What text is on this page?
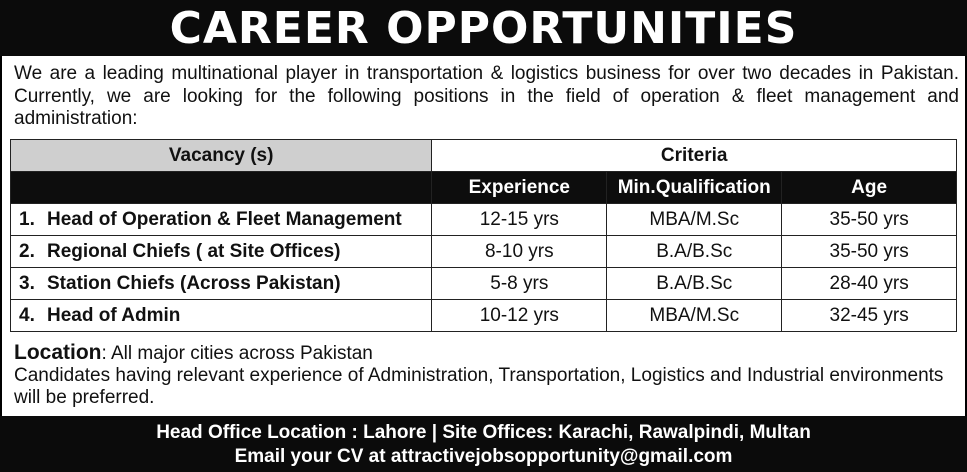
CAREER OPPORTUNITIES
We are a leading multinational player in transportation & logistics business for over two decades in Pakistan. Currently, we are looking for the following positions in the field of operation & fleet management and administration:
Vacancy (s)	Criteria		
	Experience	Min.Qualification	Age
1. Head of Operation & Fleet Management	12-15 yrs	MBA/M.Sc	35-50 yrs
2. Regional Chiefs ( at Site Offices)	8-10 yrs	B.A/B.Sc	35-50 yrs
3. Station Chiefs (Across Pakistan)	5-8 yrs	B.A/B.Sc	28-40 yrs
4. Head of Admin	10-12 yrs	MBA/M.Sc	32-45 yrs
Location: All major cities across Pakistan
Candidates having relevant experience of Administration, Transportation, Logistics and Industrial environments will be preferred.
Head Office Location : Lahore | Site Offices: Karachi, Rawalpindi, Multan
Email your CV at attractivejobsopportunity@gmail.com
